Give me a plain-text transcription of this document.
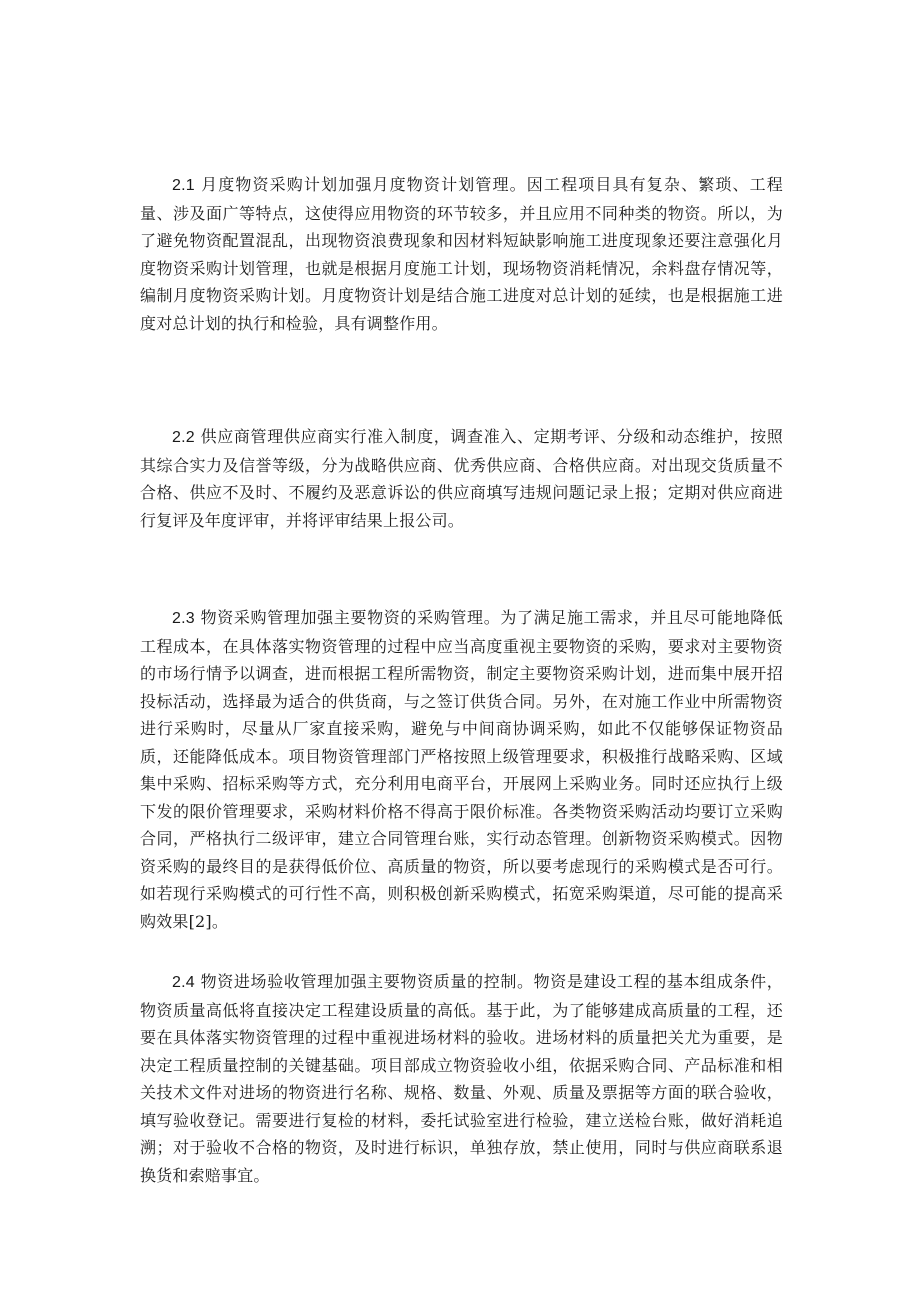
2.1 月度物资采购计划加强月度物资计划管理。因工程项目具有复杂、繁琐、工程量、涉及面广等特点，这使得应用物资的环节较多，并且应用不同种类的物资。所以，为了避免物资配置混乱，出现物资浪费现象和因材料短缺影响施工进度现象还要注意强化月度物资采购计划管理，也就是根据月度施工计划，现场物资消耗情况，余料盘存情况等，编制月度物资采购计划。月度物资计划是结合施工进度对总计划的延续，也是根据施工进度对总计划的执行和检验，具有调整作用。

2.2 供应商管理供应商实行准入制度，调查准入、定期考评、分级和动态维护，按照其综合实力及信誉等级，分为战略供应商、优秀供应商、合格供应商。对出现交货质量不合格、供应不及时、不履约及恶意诉讼的供应商填写违规问题记录上报；定期对供应商进行复评及年度评审，并将评审结果上报公司。

2.3 物资采购管理加强主要物资的采购管理。为了满足施工需求，并且尽可能地降低工程成本，在具体落实物资管理的过程中应当高度重视主要物资的采购，要求对主要物资的市场行情予以调查，进而根据工程所需物资，制定主要物资采购计划，进而集中展开招投标活动，选择最为适合的供货商，与之签订供货合同。另外，在对施工作业中所需物资进行采购时，尽量从厂家直接采购，避免与中间商协调采购，如此不仅能够保证物资品质，还能降低成本。项目物资管理部门严格按照上级管理要求，积极推行战略采购、区域集中采购、招标采购等方式，充分利用电商平台，开展网上采购业务。同时还应执行上级下发的限价管理要求，采购材料价格不得高于限价标准。各类物资采购活动均要订立采购合同，严格执行二级评审，建立合同管理台账，实行动态管理。创新物资采购模式。因物资采购的最终目的是获得低价位、高质量的物资，所以要考虑现行的采购模式是否可行。如若现行采购模式的可行性不高，则积极创新采购模式，拓宽采购渠道，尽可能的提高采购效果[2]。

2.4 物资进场验收管理加强主要物资质量的控制。物资是建设工程的基本组成条件，物资质量高低将直接决定工程建设质量的高低。基于此，为了能够建成高质量的工程，还要在具体落实物资管理的过程中重视进场材料的验收。进场材料的质量把关尤为重要，是决定工程质量控制的关键基础。项目部成立物资验收小组，依据采购合同、产品标准和相关技术文件对进场的物资进行名称、规格、数量、外观、质量及票据等方面的联合验收，填写验收登记。需要进行复检的材料，委托试验室进行检验，建立送检台账，做好消耗追溯；对于验收不合格的物资，及时进行标识，单独存放，禁止使用，同时与供应商联系退换货和索赔事宜。
